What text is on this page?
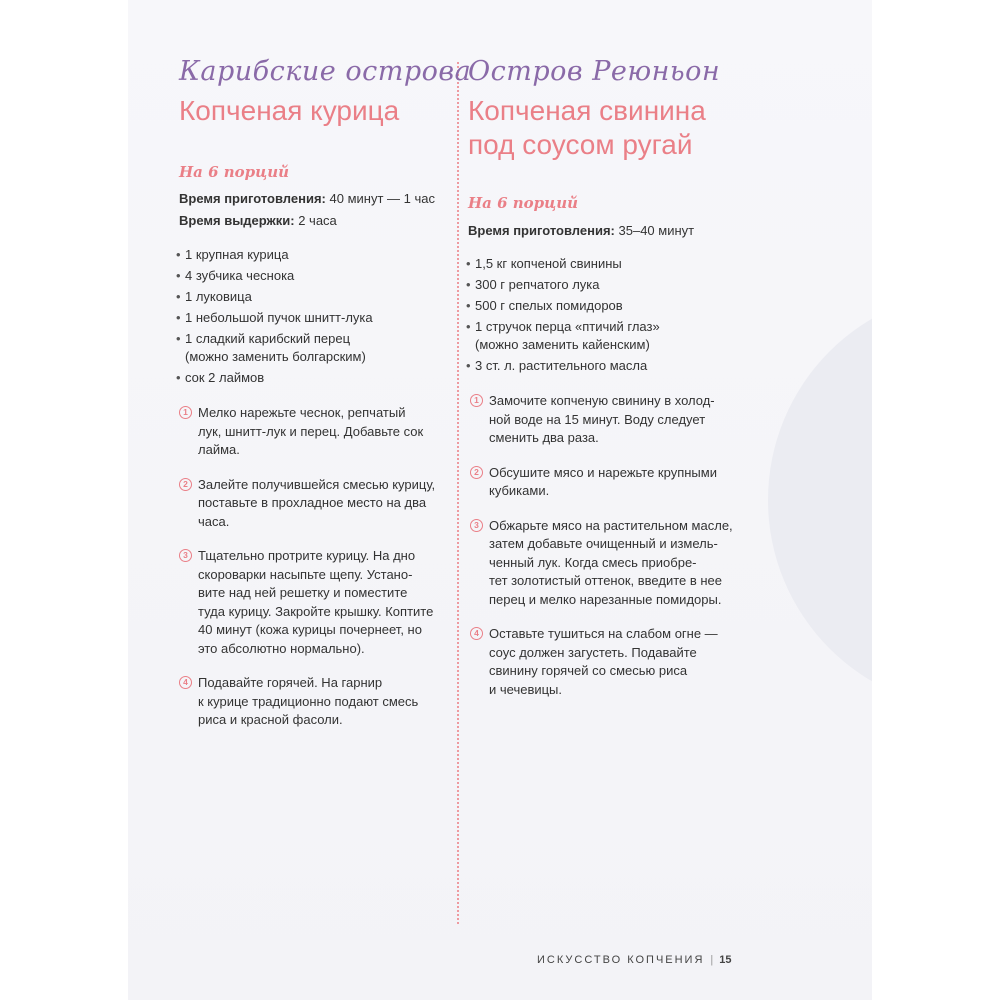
Карибские острова
Копченая курица
На 6 порций
Время приготовления: 40 минут — 1 час
Время выдержки: 2 часа
• 1 крупная курица
• 4 зубчика чеснока
• 1 луковица
• 1 небольшой пучок шнитт-лука
• 1 сладкий карибский перец
(можно заменить болгарским)
• сок 2 лаймов
1 Мелко нарежьте чеснок, репчатый
лук, шнитт-лук и перец. Добавьте сок
лайма.
2 Залейте получившейся смесью курицу,
поставьте в прохладное место на два
часа.
3 Тщательно протрите курицу. На дно
скороварки насыпьте щепу. Устано-
вите над ней решетку и поместите
туда курицу. Закройте крышку. Коптите
40 минут (кожа курицы почернеет, но
это абсолютно нормально).
4 Подавайте горячей. На гарнир
к курице традиционно подают смесь
риса и красной фасоли.
Остров Реюньон
Копченая свинина
под соусом ругай
На 6 порций
Время приготовления: 35–40 минут
• 1,5 кг копченой свинины
• 300 г репчатого лука
• 500 г спелых помидоров
• 1 стручок перца «птичий глаз»
(можно заменить кайенским)
• 3 ст. л. растительного масла
1 Замочите копченую свинину в холод-
ной воде на 15 минут. Воду следует
сменить два раза.
2 Обсушите мясо и нарежьте крупными
кубиками.
3 Обжарьте мясо на растительном масле,
затем добавьте очищенный и измель-
ченный лук. Когда смесь приобре-
тет золотистый оттенок, введите в нее
перец и мелко нарезанные помидоры.
4 Оставьте тушиться на слабом огне —
соус должен загустеть. Подавайте
свинину горячей со смесью риса
и чечевицы.
ИСКУССТВО КОПЧЕНИЯ | 15
